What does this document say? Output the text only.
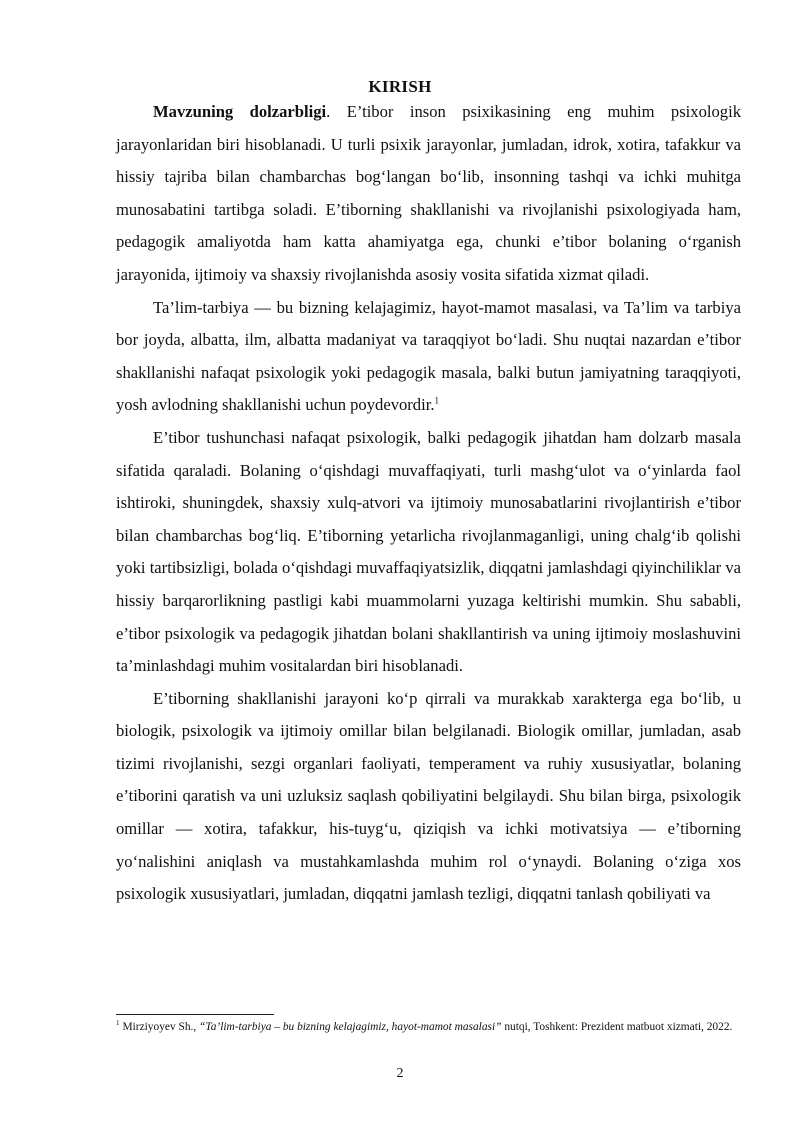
KIRISH

Mavzuning dolzarbligi. E’tibor inson psixikasining eng muhim psixologik jarayonlaridan biri hisoblanadi. U turli psixik jarayonlar, jumladan, idrok, xotira, tafakkur va hissiy tajriba bilan chambarchas bog‘langan bo‘lib, insonning tashqi va ichki muhitga munosabatini tartibga soladi. E’tiborning shakllanishi va rivojlanishi psixologiyada ham, pedagogik amaliyotda ham katta ahamiyatga ega, chunki e’tibor bolaning o‘rganish jarayonida, ijtimoiy va shaxsiy rivojlanishda asosiy vosita sifatida xizmat qiladi.

Ta’lim-tarbiya — bu bizning kelajagimiz, hayot-mamot masalasi, va Ta’lim va tarbiya bor joyda, albatta, ilm, albatta madaniyat va taraqqiyot bo‘ladi. Shu nuqtai nazardan e’tibor shakllanishi nafaqat psixologik yoki pedagogik masala, balki butun jamiyatning taraqqiyoti, yosh avlodning shakllanishi uchun poydevordir.$^1$

E’tibor tushunchasi nafaqat psixologik, balki pedagogik jihatdan ham dolzarb masala sifatida qaraladi. Bolaning o‘qishdagi muvaffaqiyati, turli mashg‘ulot va o‘yinlarda faol ishtiroki, shuningdek, shaxsiy xulq-atvori va ijtimoiy munosabatlarini rivojlantirish e’tibor bilan chambarchas bog‘liq. E’tiborning yetarlicha rivojlanmaganligi, uning chalg‘ib qolishi yoki tartibsizligi, bolada o‘qishdagi muvaffaqiyatsizlik, diqqatni jamlashdagi qiyinchiliklar va hissiy barqarorlikning pastligi kabi muammolarni yuzaga keltirishi mumkin. Shu sababli, e’tibor psixologik va pedagogik jihatdan bolani shakllantirish va uning ijtimoiy moslashuvini ta’minlashdagi muhim vositalardan biri hisoblanadi.

E’tiborning shakllanishi jarayoni ko‘p qirrali va murakkab xarakterga ega bo‘lib, u biologik, psixologik va ijtimoiy omillar bilan belgilanadi. Biologik omillar, jumladan, asab tizimi rivojlanishi, sezgi organlari faoliyati, temperament va ruhiy xususiyatlar, bolaning e’tiborini qaratish va uni uzluksiz saqlash qobiliyatini belgilaydi. Shu bilan birga, psixologik omillar — xotira, tafakkur, his-tuyg‘u, qiziqish va ichki motivatsiya — e’tiborning yo‘nalishini aniqlash va mustahkamlashda muhim rol o‘ynaydi. Bolaning o‘ziga xos psixologik xususiyatlari, jumladan, diqqatni jamlash tezligi, diqqatni tanlash qobiliyati va

$^1$ Mirziyoyev Sh., “Ta’lim-tarbiya – bu bizning kelajagimiz, hayot-mamot masalasi” nutqi, Toshkent: Prezident matbuot xizmati, 2022.

2
